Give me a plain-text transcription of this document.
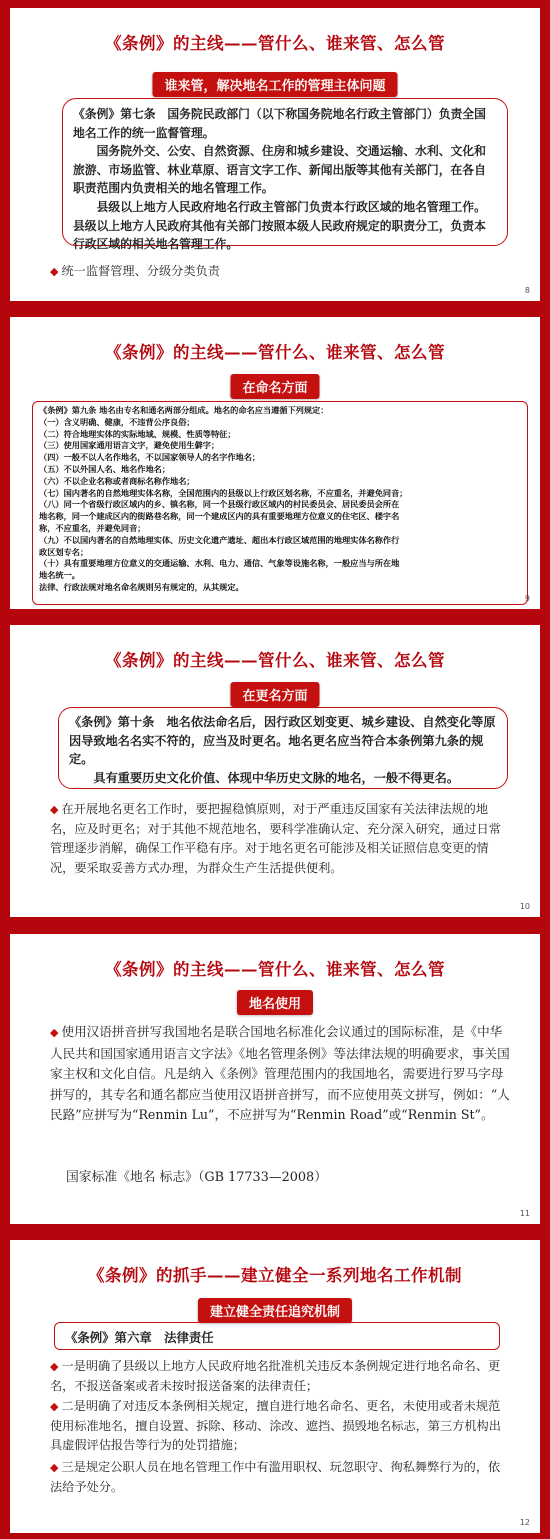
《条例》的主线——管什么、谁来管、怎么管
谁来管，解决地名工作的管理主体问题

《条例》第七条　国务院民政部门（以下称国务院地名行政主管部门）负责全国地名工作的统一监督管理。

国务院外交、公安、自然资源、住房和城乡建设、交通运输、水利、文化和旅游、市场监管、林业草原、语言文字工作、新闻出版等其他有关部门，在各自职责范围内负责相关的地名管理工作。

县级以上地方人民政府地名行政主管部门负责本行政区域的地名管理工作。县级以上地方人民政府其他有关部门按照本级人民政府规定的职责分工，负责本行政区域的相关地名管理工作。

◆ 统一监督管理、分级分类负责
8
《条例》的主线——管什么、谁来管、怎么管
在命名方面
《条例》第九条 地名由专名和通名两部分组成。地名的命名应当遵循下列规定：
（一）含义明确、健康，不违背公序良俗；
（二）符合地理实体的实际地域、规模、性质等特征；
（三）使用国家通用语言文字，避免使用生僻字；
（四）一般不以人名作地名，不以国家领导人的名字作地名；
（五）不以外国人名、地名作地名；
（六）不以企业名称或者商标名称作地名；
（七）国内著名的自然地理实体名称，全国范围内的县级以上行政区划名称，不应重名，并避免同音；
（八）同一个省级行政区域内的乡、镇名称，同一个县级行政区域内的村民委员会、居民委员会所在
地名称，同一个建成区内的街路巷名称，同一个建成区内的具有重要地理方位意义的住宅区、楼宇名
称，不应重名，并避免同音；
（九）不以国内著名的自然地理实体、历史文化遗产遗址、超出本行政区域范围的地理实体名称作行
政区划专名；
（十）具有重要地理方位意义的交通运输、水利、电力、通信、气象等设施名称，一般应当与所在地
地名统一。
法律、行政法规对地名命名规则另有规定的，从其规定。
9
《条例》的主线——管什么、谁来管、怎么管
在更名方面

《条例》第十条　地名依法命名后，因行政区划变更、城乡建设、自然变化等原因导致地名名实不符的，应当及时更名。地名更名应当符合本条例第九条的规定。

具有重要历史文化价值、体现中华历史文脉的地名，一般不得更名。

◆ 在开展地名更名工作时，要把握稳慎原则，对于严重违反国家有关法律法规的地名，应及时更名；对于其他不规范地名，要科学准确认定、充分深入研究，通过日常管理逐步消解，确保工作平稳有序。对于地名更名可能涉及相关证照信息变更的情况，要采取妥善方式办理，为群众生产生活提供便利。
10
《条例》的主线——管什么、谁来管、怎么管
地名使用
◆ 使用汉语拼音拼写我国地名是联合国地名标准化会议通过的国际标准，是《中华人民共和国国家通用语言文字法》《地名管理条例》等法律法规的明确要求，事关国家主权和文化自信。凡是纳入《条例》管理范围内的我国地名，需要进行罗马字母拼写的，其专名和通名都应当使用汉语拼音拼写，而不应使用英文拼写，例如：“人民路”应拼写为“Renmin Lu”，不应拼写为“Renmin Road”或“Renmin St”。
国家标准《地名 标志》（GB 17733—2008）
11
《条例》的抓手——建立健全一系列地名工作机制
建立健全责任追究机制
《条例》第六章　法律责任
◆ 一是明确了县级以上地方人民政府地名批准机关违反本条例规定进行地名命名、更名，不报送备案或者未按时报送备案的法律责任；
◆ 二是明确了对违反本条例相关规定，擅自进行地名命名、更名，未使用或者未规范使用标准地名，擅自设置、拆除、移动、涂改、遮挡、损毁地名标志，第三方机构出具虚假评估报告等行为的处罚措施；
◆ 三是规定公职人员在地名管理工作中有滥用职权、玩忽职守、徇私舞弊行为的，依法给予处分。
12
